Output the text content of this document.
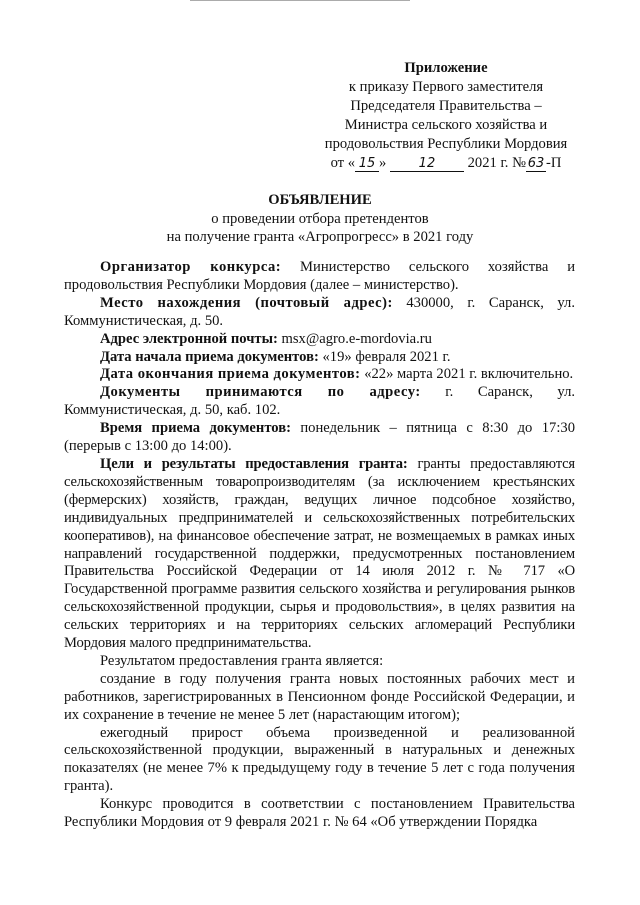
Приложение
к приказу Первого заместителя
Председателя Правительства –
Министра сельского хозяйства и
продовольствия Республики Мордовия
от « 15 » 12 2021 г. № 63 -П
ОБЪЯВЛЕНИЕ
о проведении отбора претендентов
на получение гранта «Агропрогресс» в 2021 году

Организатор конкурса: Министерство сельского хозяйства и продовольствия Республики Мордовия (далее – министерство).

Место нахождения (почтовый адрес): 430000, г. Саранск, ул. Коммунистическая, д. 50.

Адрес электронной почты: msx@agro.e-mordovia.ru

Дата начала приема документов: «19» февраля 2021 г.

Дата окончания приема документов: «22» марта 2021 г. включительно.

Документы принимаются по адресу: г. Саранск, ул. Коммунистическая, д. 50, каб. 102.

Время приема документов: понедельник – пятница с 8:30 до 17:30 (перерыв с 13:00 до 14:00).

Цели и результаты предоставления гранта: гранты предоставляются сельскохозяйственным товаропроизводителям (за исключением крестьянских (фермерских) хозяйств, граждан, ведущих личное подсобное хозяйство, индивидуальных предпринимателей и сельскохозяйственных потребительских кооперативов), на финансовое обеспечение затрат, не возмещаемых в рамках иных направлений государственной поддержки, предусмотренных постановлением Правительства Российской Федерации от 14 июля 2012 г. № 717 «О Государственной программе развития сельского хозяйства и регулирования рынков сельскохозяйственной продукции, сырья и продовольствия», в целях развития на сельских территориях и на территориях сельских агломераций Республики Мордовия малого предпринимательства.

Результатом предоставления гранта является:

создание в году получения гранта новых постоянных рабочих мест и работников, зарегистрированных в Пенсионном фонде Российской Федерации, и их сохранение в течение не менее 5 лет (нарастающим итогом);

ежегодный прирост объема произведенной и реализованной сельскохозяйственной продукции, выраженный в натуральных и денежных показателях (не менее 7% к предыдущему году в течение 5 лет с года получения гранта).

Конкурс проводится в соответствии с постановлением Правительства Республики Мордовия от 9 февраля 2021 г. № 64 «Об утверждении Порядка
